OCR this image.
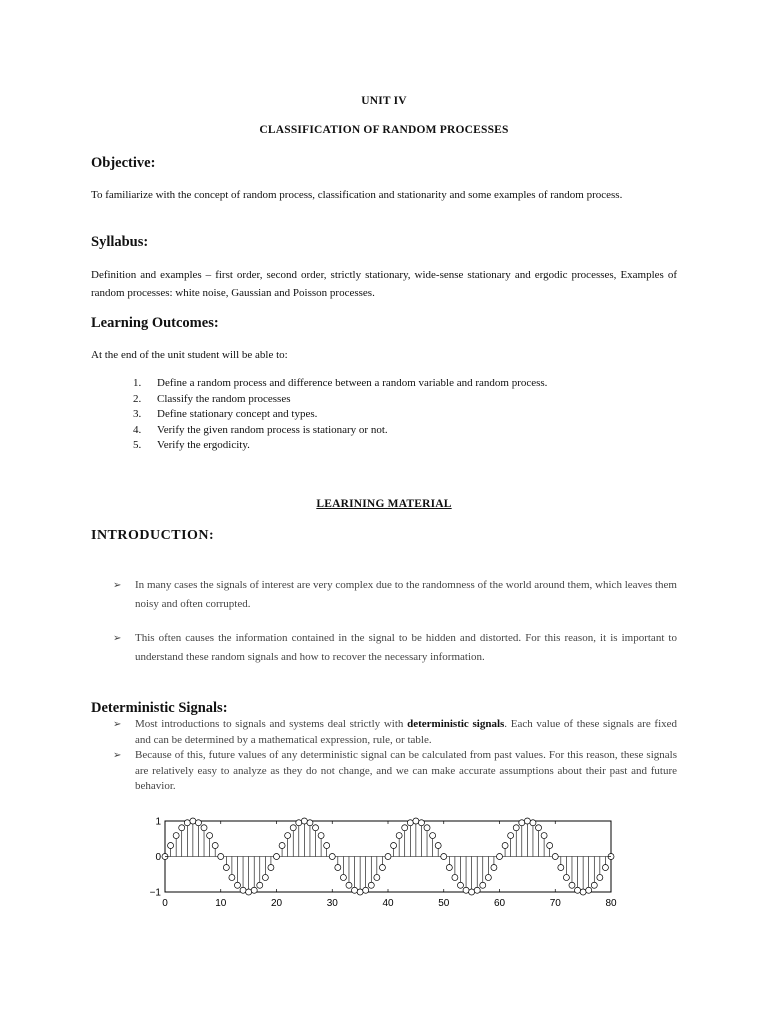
UNIT IV
CLASSIFICATION OF RANDOM PROCESSES
Objective:
To familiarize with the concept of random process, classification and stationarity and some examples of random process.
Syllabus:
Definition and examples – first order, second order, strictly stationary, wide-sense stationary and ergodic processes, Examples of random processes: white noise, Gaussian and Poisson processes.
Learning Outcomes:
At the end of the unit student will be able to:
1. Define a random process and difference between a random variable and random process.
2. Classify the random processes
3. Define stationary concept and types.
4. Verify the given random process is stationary or not.
5. Verify the ergodicity.
LEARINING MATERIAL
INTRODUCTION:
➢ In many cases the signals of interest are very complex due to the randomness of the world around them, which leaves them noisy and often corrupted.
➢ This often causes the information contained in the signal to be hidden and distorted. For this reason, it is important to understand these random signals and how to recover the necessary information.
Deterministic Signals:
➢ Most introductions to signals and systems deal strictly with deterministic signals. Each value of these signals are fixed and can be determined by a mathematical expression, rule, or table.
➢ Because of this, future values of any deterministic signal can be calculated from past values. For this reason, these signals are relatively easy to analyze as they do not change, and we can make accurate assumptions about their past and future behavior.
0	10	20	30	40	50	60	70	80
1
0
−1
